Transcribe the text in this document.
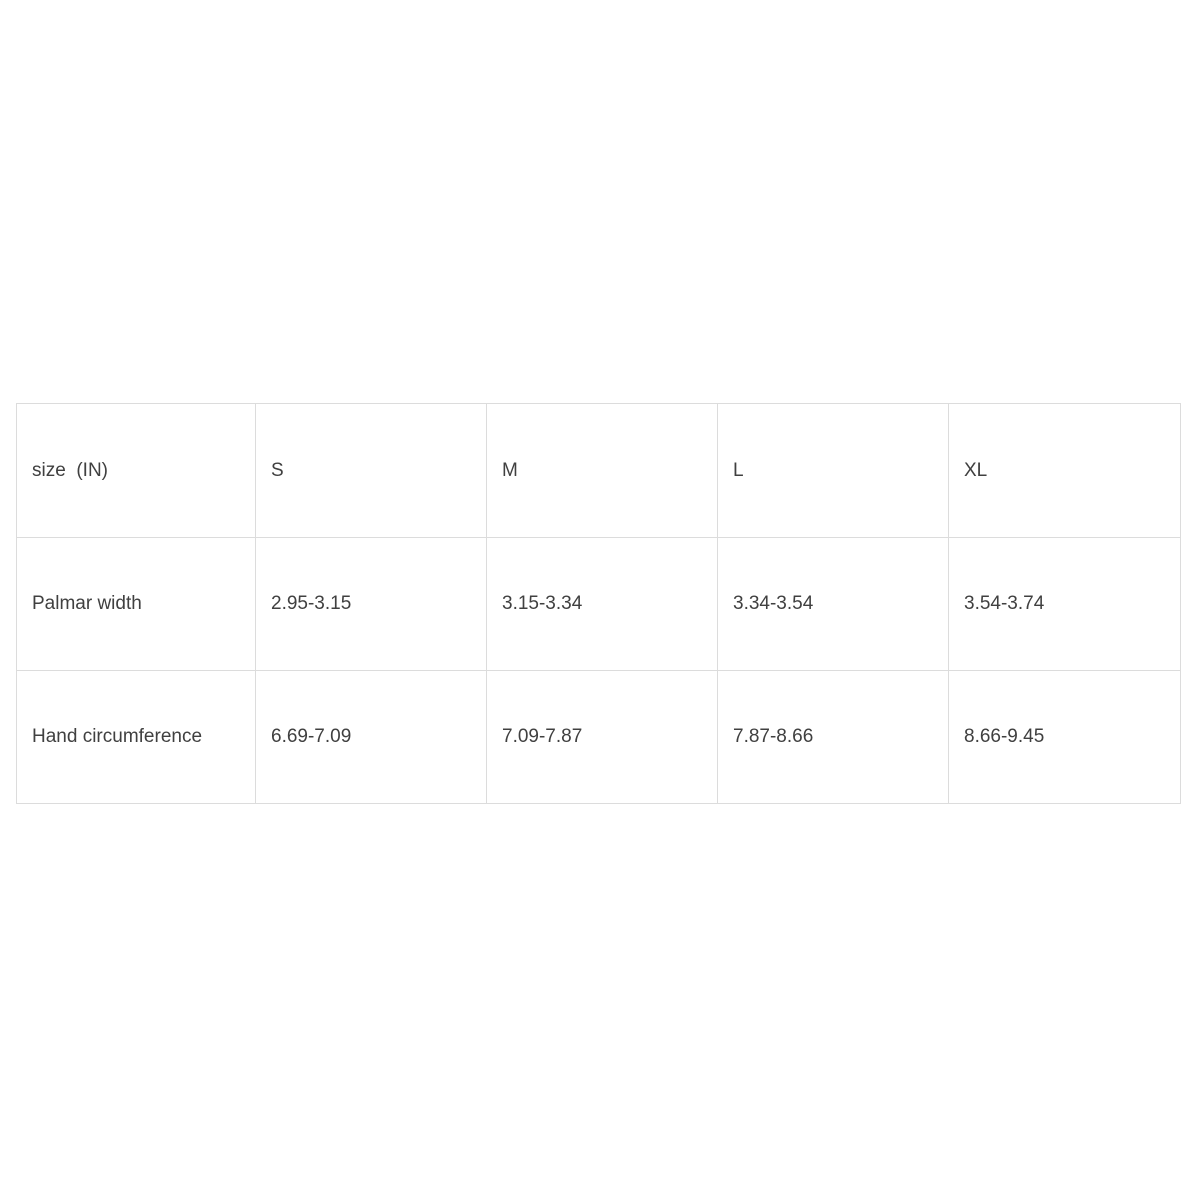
size  (IN)	S	M	L	XL
Palmar width	2.95-3.15	3.15-3.34	3.34-3.54	3.54-3.74
Hand circumference	6.69-7.09	7.09-7.87	7.87-8.66	8.66-9.45
